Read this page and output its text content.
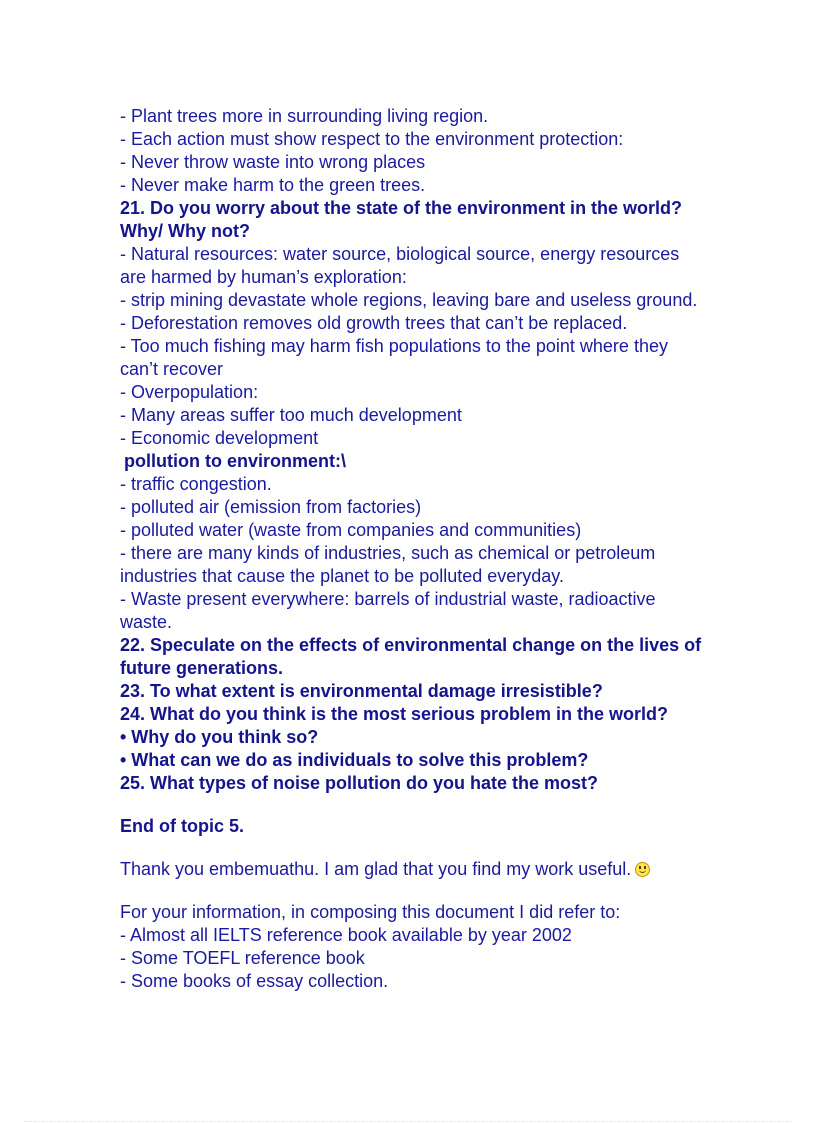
- Plant trees more in surrounding living region.

- Each action must show respect to the environment protection:

- Never throw waste into wrong places

- Never make harm to the green trees.

21. Do you worry about the state of the environment in the world? Why/ Why not?

- Natural resources: water source, biological source, energy resources are harmed by human’s exploration:

- strip mining devastate whole regions, leaving bare and useless ground.

- Deforestation removes old growth trees that can’t be replaced.

- Too much fishing may harm fish populations to the point where they can’t recover

- Overpopulation:

- Many areas suffer too much development

- Economic development

pollution to environment:\

- traffic congestion.

- polluted air (emission from factories)

- polluted water (waste from companies and communities)

- there are many kinds of industries, such as chemical or petroleum industries that cause the planet to be polluted everyday.

- Waste present everywhere: barrels of industrial waste, radioactive waste.

22. Speculate on the effects of environmental change on the lives of future generations.

23. To what extent is environmental damage irresistible?

24. What do you think is the most serious problem in the world?

• Why do you think so?

• What can we do as individuals to solve this problem?

25. What types of noise pollution do you hate the most?

End of topic 5.

Thank you embemuathu. I am glad that you find my work useful.

For your information, in composing this document I did refer to:

- Almost all IELTS reference book available by year 2002

- Some TOEFL reference book

- Some books of essay collection.
